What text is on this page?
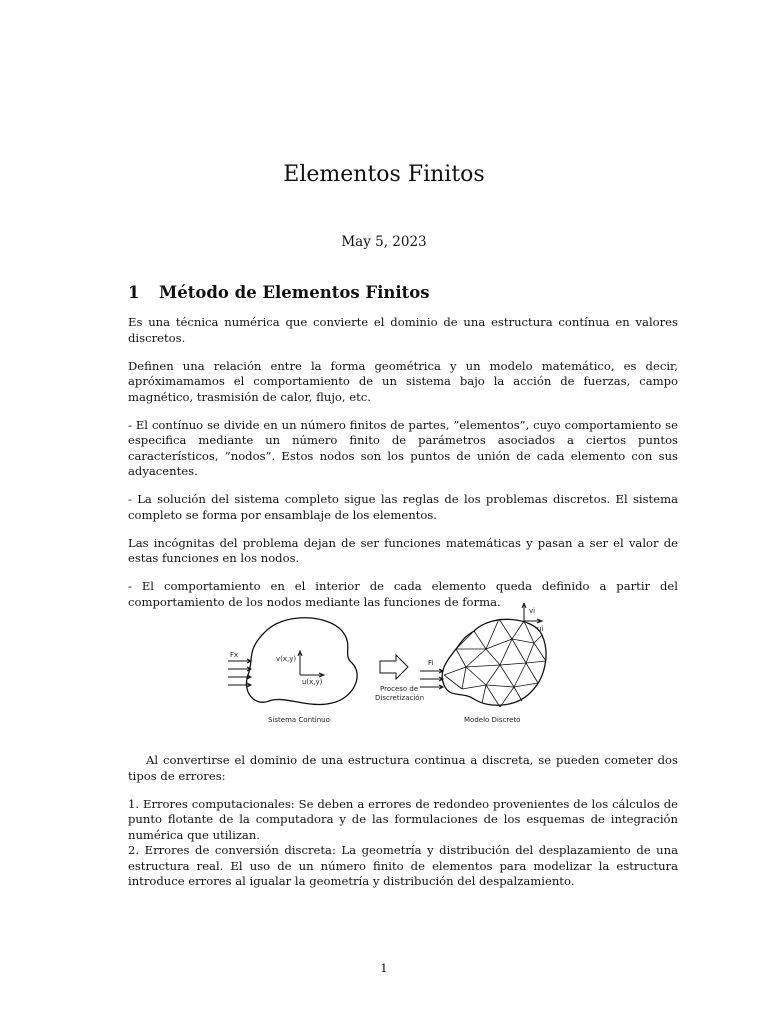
Elementos Finitos
May 5, 2023
1 Método de Elementos Finitos

Es una técnica numérica que convierte el dominio de una estructura contínua en valores discretos.

Definen una relación entre la forma geométrica y un modelo matemático, es decir, apróximamamos el comportamiento de un sistema bajo la acción de fuerzas, campo magnético, trasmisión de calor, flujo, etc.

- El contínuo se divide en un número finitos de partes, ”elementos”, cuyo comportamiento se especifica mediante un número finito de parámetros asociados a ciertos puntos característicos, ”nodos”. Estos nodos son los puntos de unión de cada elemento con sus adyacentes.

- La solución del sistema completo sigue las reglas de los problemas discretos. El sistema completo se forma por ensamblaje de los elementos.

Las incógnitas del problema dejan de ser funciones matemáticas y pasan a ser el valor de estas funciones en los nodos.

- El comportamiento en el interior de cada elemento queda definido a partir del comportamiento de los nodos mediante las funciones de forma.

Fx	v(x,y)
u(x,y)
Sistema Continuo
Proceso de
Discretización
vi
ui
Fi
Modelo Discreto

Al convertirse el dominio de una estructura continua a discreta, se pueden cometer dos tipos de errores:

1. Errores computacionales: Se deben a errores de redondeo provenientes de los cálculos de punto flotante de la computadora y de las formulaciones de los esquemas de integración numérica que utilizan.

2. Errores de conversión discreta: La geometría y distribución del desplazamiento de una estructura real. El uso de un número finito de elementos para modelizar la estructura introduce errores al igualar la geometría y distribución del despalzamiento.

1
